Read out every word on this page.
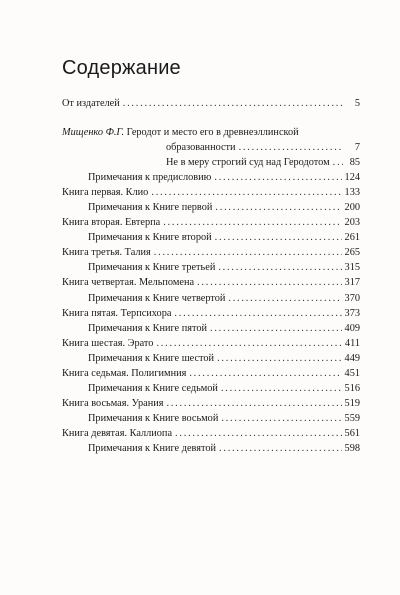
Содержание
От издателей . . .	5
Мищенко Ф.Г. Геродот и место его в древнеэллинской
образованности . . .	7
Не в меру строгий суд над Геродотом . . .	85
Примечания к предисловию . . .	124
Книга первая. Клио . . .	133
Примечания к Книге первой . . .	200
Книга вторая. Евтерпа . . .	203
Примечания к Книге второй . . .	261
Книга третья. Талия . . .	265
Примечания к Книге третьей . . .	315
Книга четвертая. Мельпомена . . .	317
Примечания к Книге четвертой . . .	370
Книга пятая. Терпсихора . . .	373
Примечания к Книге пятой . . .	409
Книга шестая. Эрато . . .	411
Примечания к Книге шестой . . .	449
Книга седьмая. Полигимния . . .	451
Примечания к Книге седьмой . . .	516
Книга восьмая. Урания . . .	519
Примечания к Книге восьмой . . .	559
Книга девятая. Каллиопа . . .	561
Примечания к Книге девятой . . .	598
